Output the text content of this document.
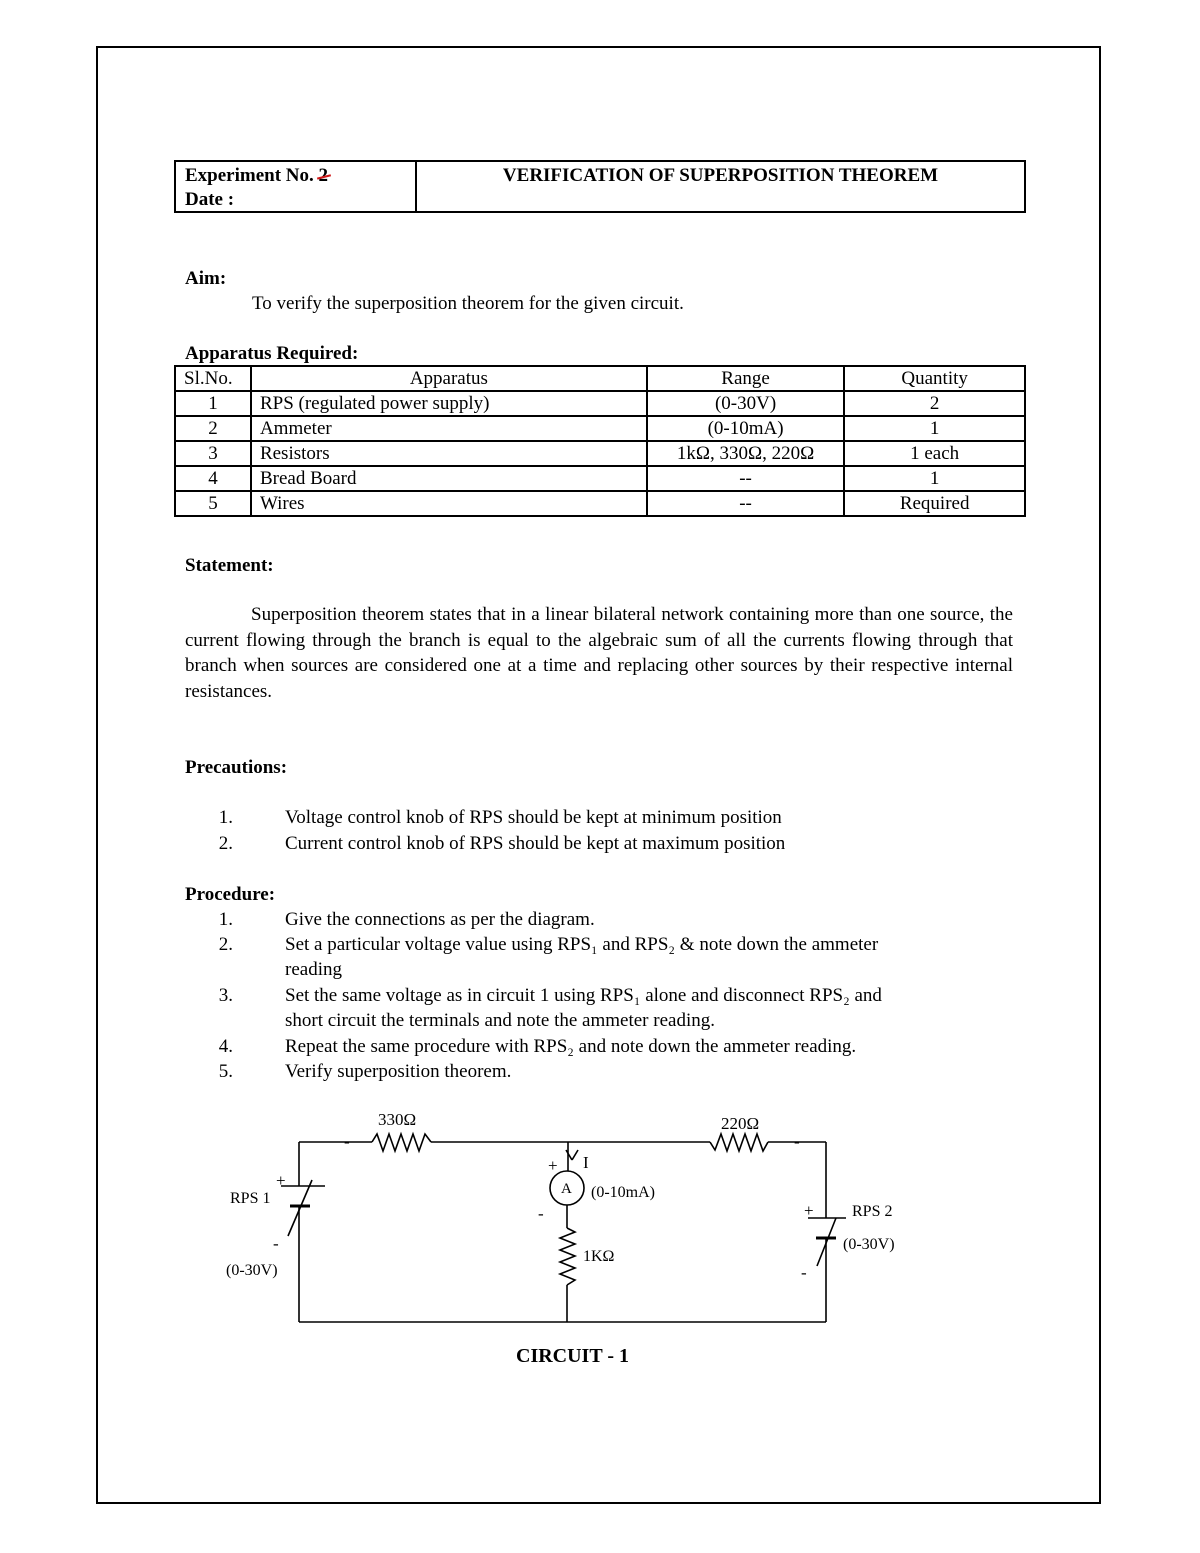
Experiment No. 2
Date :
VERIFICATION OF SUPERPOSITION THEOREM
Aim:
To verify the superposition theorem for the given circuit.
Apparatus Required:
Sl.No.	Apparatus	Range	Quantity
1	RPS (regulated power supply)	(0-30V)	2
2	Ammeter	(0-10mA)	1
3	Resistors	1kΩ, 330Ω, 220Ω	1 each
4	Bread Board	--	1
5	Wires	--	Required
Statement:
Superposition theorem states that in a linear bilateral network containing more than one source, the current flowing through the branch is equal to the algebraic sum of all the currents flowing through that branch when sources are considered one at a time and replacing other sources by their respective internal resistances.
Precautions:
1.	Voltage control knob of RPS should be kept at minimum position
2.	Current control knob of RPS should be kept at maximum position
Procedure:
1.	Give the connections as per the diagram.
2.	Set a particular voltage value using RPS₁ and RPS₂ & note down the ammeter
reading
3.	Set the same voltage as in circuit 1 using RPS₁ alone and disconnect RPS₂ and
short circuit the terminals and note the ammeter reading.
4.	Repeat the same procedure with RPS₂ and note down the ammeter reading.
5.	Verify superposition theorem.
330Ω	220Ω
-	-
RPS 1
+
-
(0-30V)
+ I
A (0-10mA)
-
1KΩ
+ RPS 2
(0-30V)
-
CIRCUIT - 1
